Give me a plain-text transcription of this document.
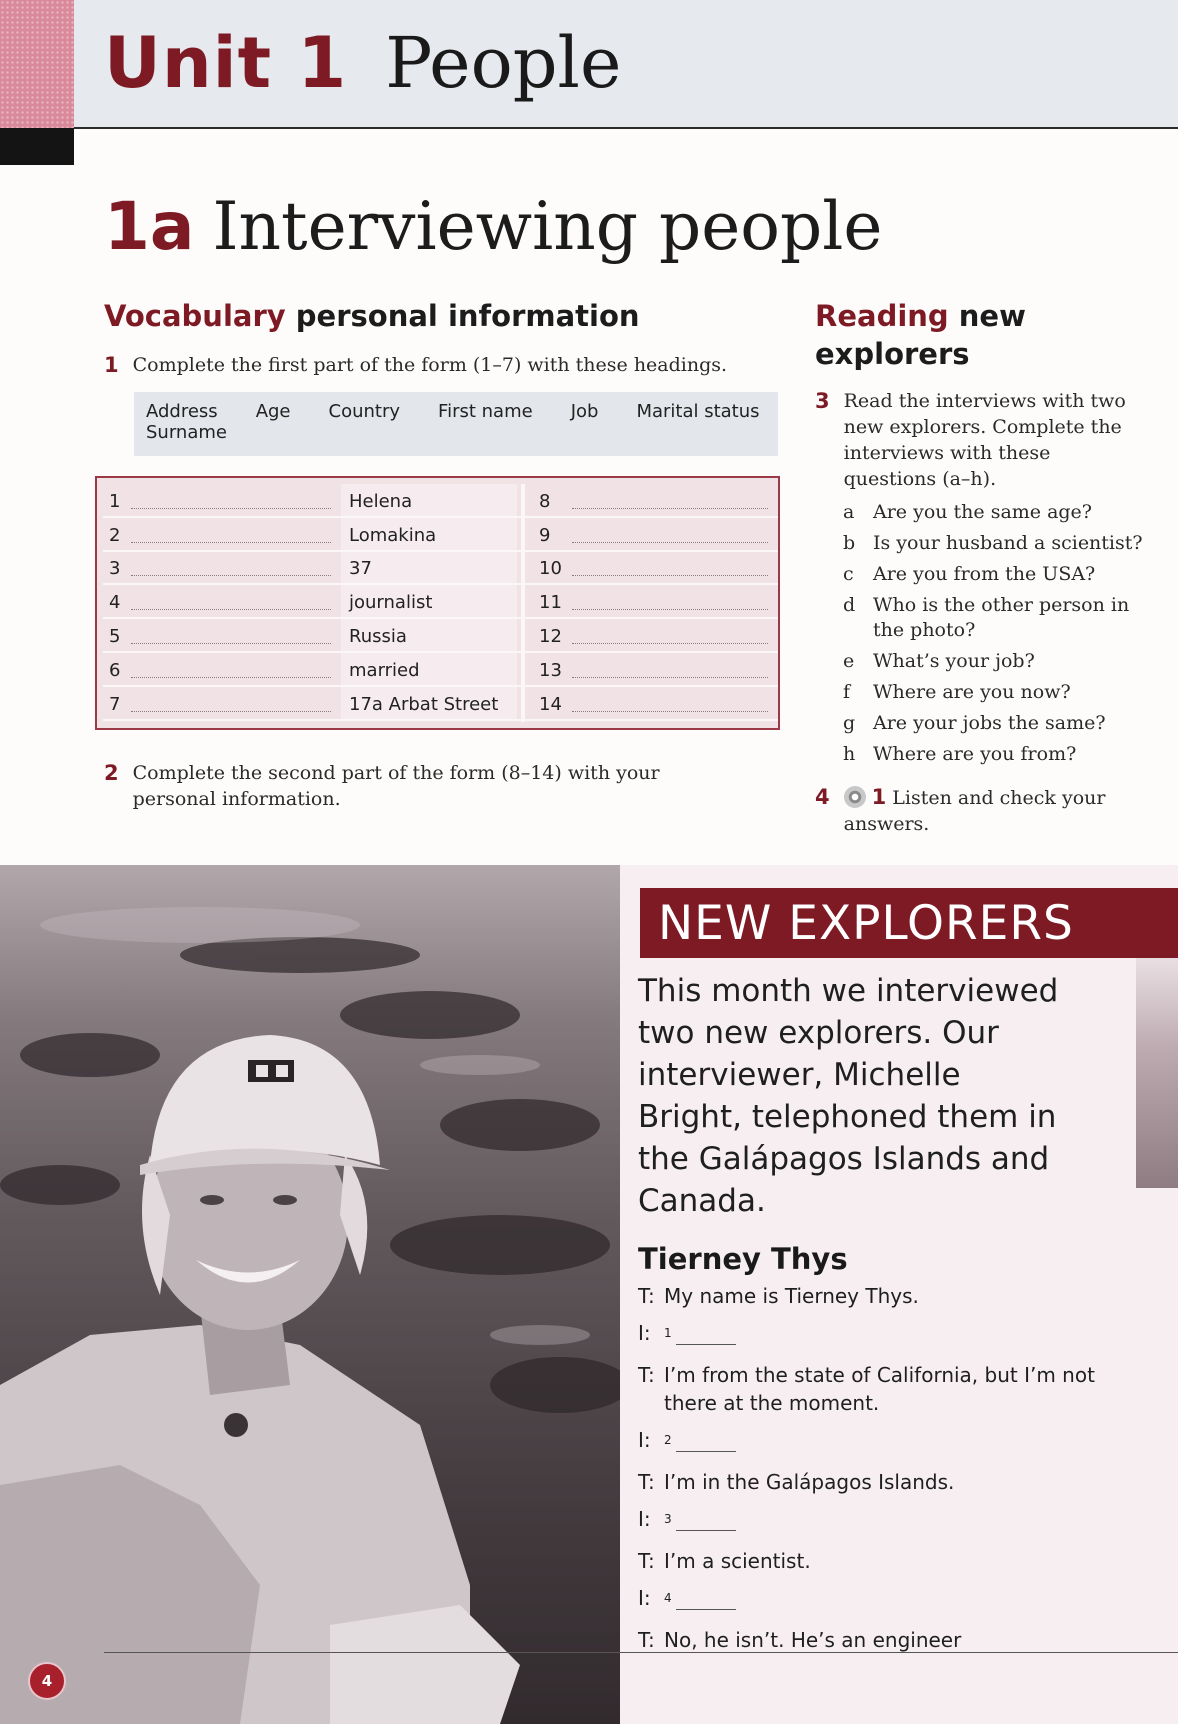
Unit 1 People
1a Interviewing people
Vocabulary personal information
1 Complete the first part of the form (1–7) with these headings.
Address Age Country First name Job Marital status
Surname
1	Helena
2	Lomakina
3	37
4	journalist
5	Russia
6	married
7	17a Arbat Street
8
9
10
11
12
13
14
2 Complete the second part of the form (8–14) with your personal information.
Reading new explorers
3 Read the interviews with two new explorers. Complete the interviews with these questions (a–h).
a Are you the same age?
b Is your husband a scientist?
c	Are you from the USA?
d Who is the other person in the photo?
e What’s your job?
f	Where are you now?
g Are your jobs the same?
h Where are you from?
4	1 Listen and check your answers.
NEW EXPLORERS
This month we interviewed two new explorers. Our interviewer, Michelle Bright, telephoned them in the Galápagos Islands and Canada.
Tierney Thys
T: My name is Tierney Thys.
I:	$^1$
T: I’m from the state of California, but I’m not there at the moment.
I:	$^2$
T: I’m in the Galápagos Islands.
I:	$^3$
T: I’m a scientist.
I:	$^4$
T: No, he isn’t. He’s an engineer
4
